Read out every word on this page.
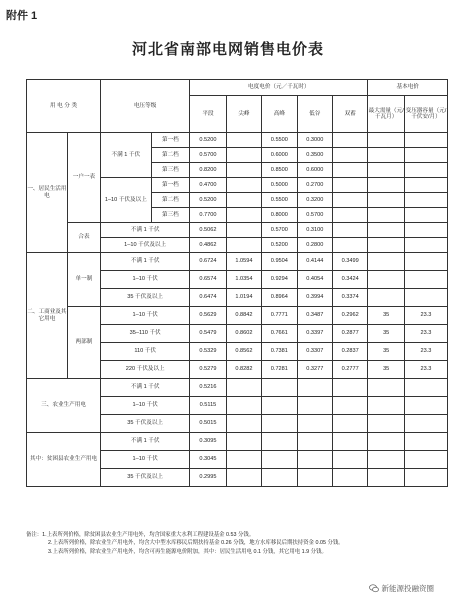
附件 1
河北省南部电网销售电价表
用 电 分 类		电压等级		电度电价（元／千瓦时）					基本电价	
				平段	尖峰	高峰	低谷	双蓄	最大需量（元/千瓦月）	变压器容量（元/千伏安/月）
一、居民生活用电	一户一表	不满 1 千伏	第一档	0.5200		0.5500	0.3000			
			第二档	0.5700		0.6000	0.3500			
			第三档	0.8200		0.8500	0.6000			
		1–10 千伏及以上	第一档	0.4700		0.5000	0.2700			
			第二档	0.5200		0.5500	0.3200			
			第三档	0.7700		0.8000	0.5700			
	合表	不满 1 千伏		0.5062		0.5700	0.3100			
		1–10 千伏及以上		0.4862		0.5200	0.2800			
二、工商业及其它用电	单一制	不满 1 千伏		0.6724	1.0594	0.9504	0.4144	0.3499		
		1–10 千伏		0.6574	1.0354	0.9294	0.4054	0.3424		
		35 千伏及以上		0.6474	1.0194	0.8964	0.3994	0.3374		
	两部制	1–10 千伏		0.5629	0.8842	0.7771	0.3487	0.2962	35	23.3
		35–110 千伏		0.5479	0.8602	0.7661	0.3397	0.2877	35	23.3
		110 千伏		0.5329	0.8562	0.7381	0.3307	0.2837	35	23.3
		220 千伏及以上		0.5279	0.8282	0.7281	0.3277	0.2777	35	23.3
三、农业生产用电		不满 1 千伏		0.5216						
		1–10 千伏		0.5115						
		35 千伏及以上		0.5015						
其中：贫困县农业生产用电		不满 1 千伏		0.3095						
		1–10 千伏		0.3045						
		35 千伏及以上		0.2995						
备注：1.上表所列价格，除贫困县农业生产用电外，均含国家重大水利工程建设基金 0.53 分钱。
2.上表所列价格，除农业生产用电外，均含大中型水库移民后期扶持基金 0.26 分钱，地方水库移民后期扶持资金 0.05 分钱。
3.上表所列价格，除农业生产用电外，均含可再生能源电价附加，其中：居民生活用电 0.1 分钱，其它用电 1.9 分钱。
新能源投融资圈
